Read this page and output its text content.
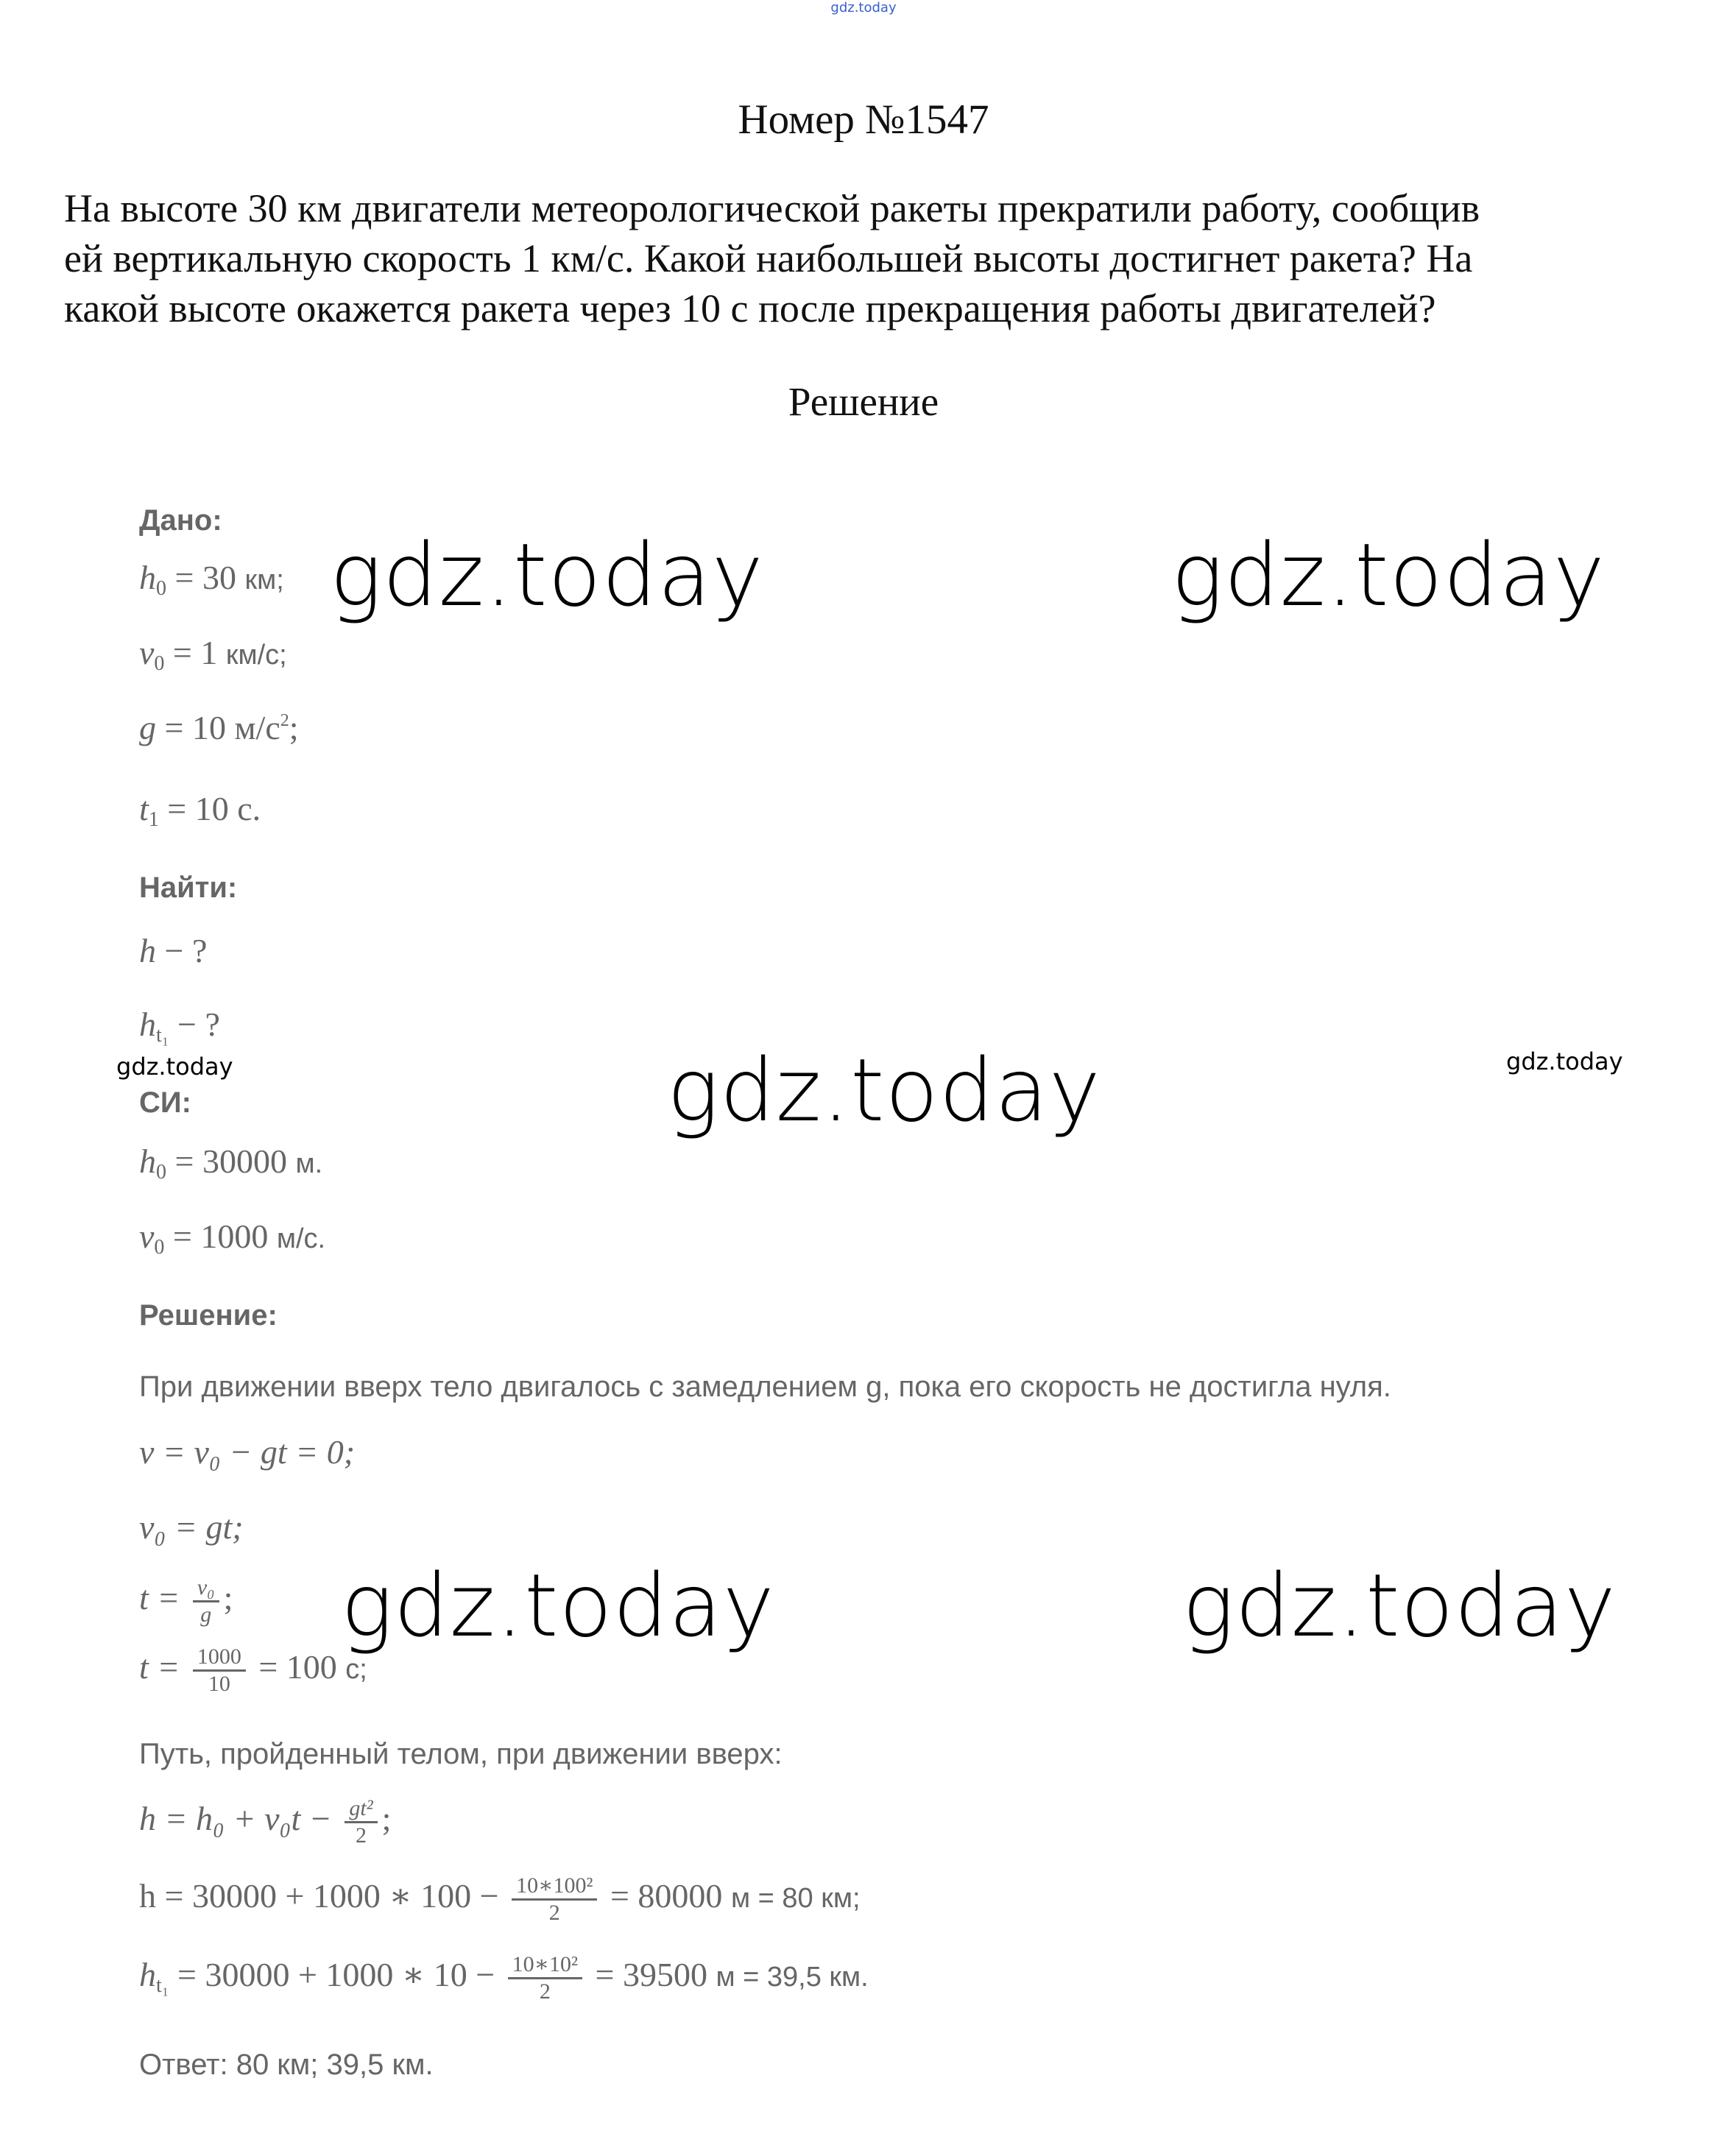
gdz.today
Номер №1547
На высоте 30 км двигатели метеорологической ракеты прекратили работу, сообщив
ей вертикальную скорость 1 км/с. Какой наибольшей высоты достигнет ракета? На
какой высоте окажется ракета через 10 с после прекращения работы двигателей?
Решение
Дано:
$h_0 = 30$ км;
$v_0 = 1$ км/с;
g = 10 $м/с^2$;
$t_1 = 10$ с.
Найти:
h − ?
$h_{t_1}$ − ?
СИ:
$h_0 = 30000$ м.
$v_0 = 1000$ м/с.
Решение:
При движении вверх тело двигалось с замедлением g, пока его скорость не достигла нуля.
v = v₀ − gt = 0;
v₀ = gt;
$t = \frac{\text{v₀}}{g}$ ;
$t = \frac{1000}{10} = 100$ с;
Путь, пройденный телом, при движении вверх:
$h = h_0 + v_0t - \frac{\text{gt²}}{2}$ ;
h = 30000 + 1000 ∗ $100 - \frac{\text{10∗100²}}{2} = 80000$ м = 80 км;
$h_{t_1} = 30000 + 1000$ ∗ $10 - \frac{\text{10∗10²}}{2} = 39500$ м = 39,5 км.
Ответ: 80 км; 39,5 км.
gdz.today	gdz.today
gdz.today
gdz.today	gdz.today
gdz.today	gdz.today
